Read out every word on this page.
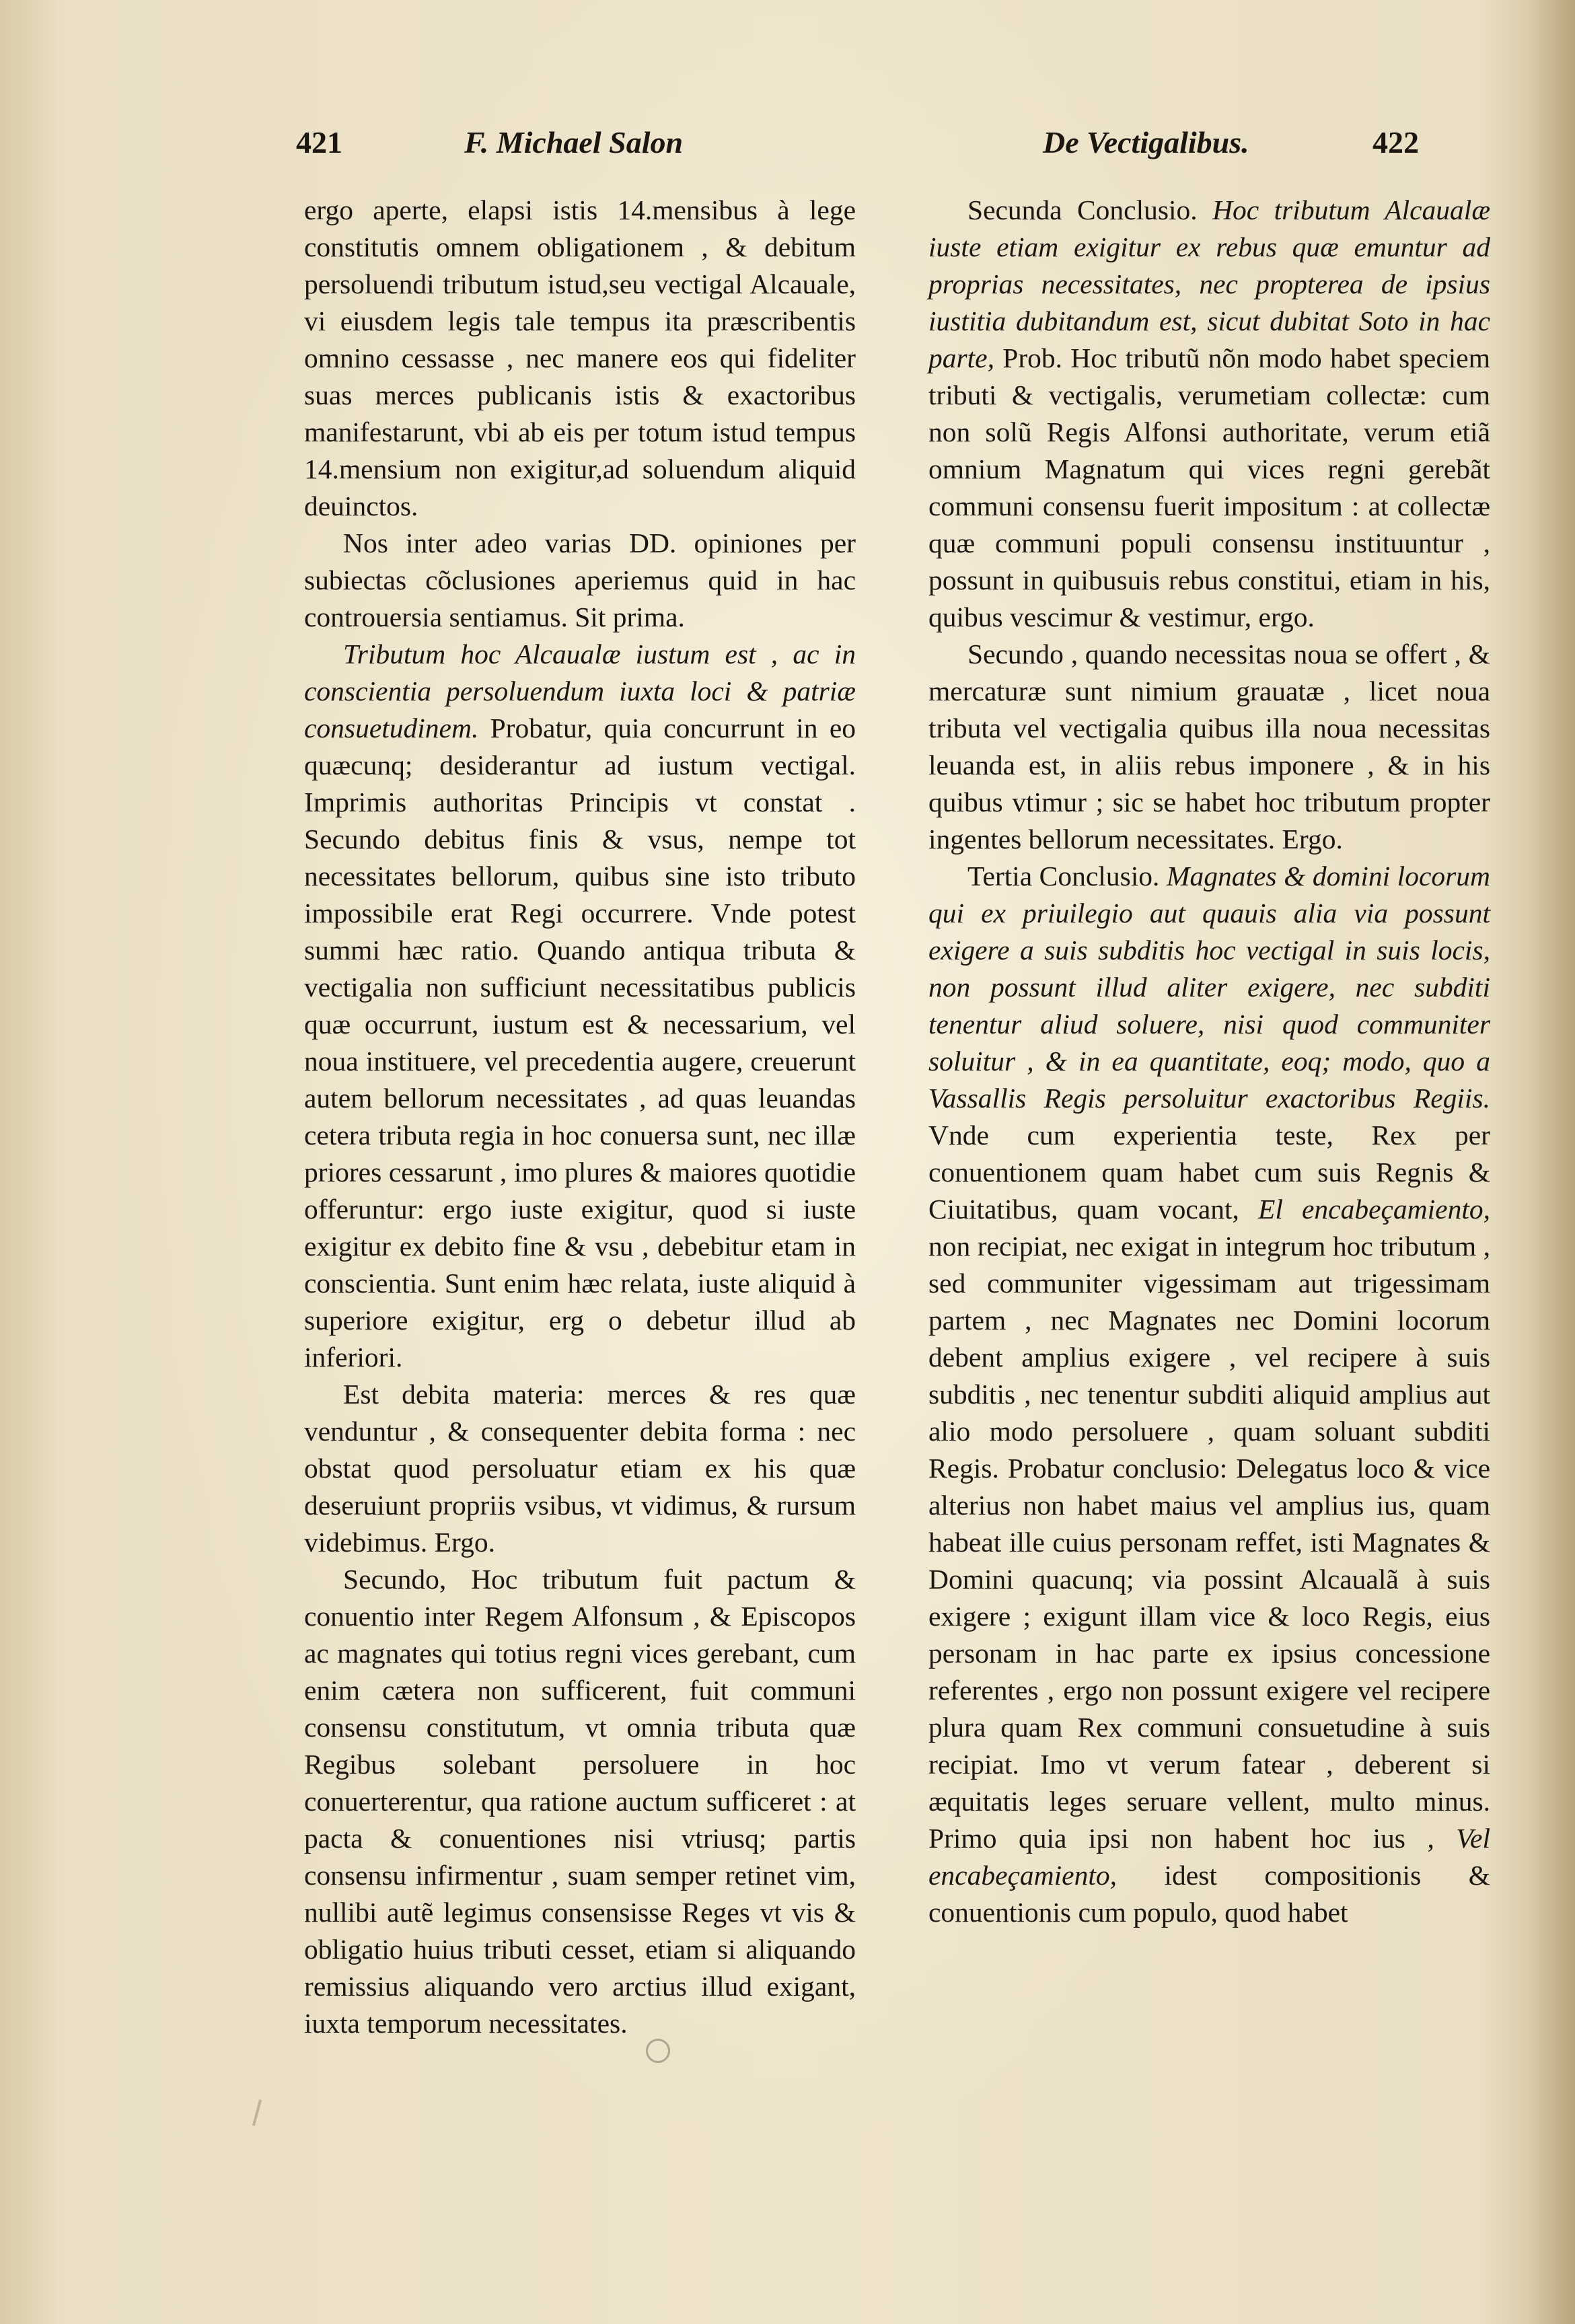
421	F. Michael Salon	De Vectigalibus.	422

ergo aperte, elapsi istis 14.mensibus à lege constitutis omnem obligationem , & debitum persoluendi tributum istud,seu vectigal Alcauale, vi eiusdem legis tale tempus ita præscribentis omnino cessasse , nec manere eos qui fideliter suas merces publicanis istis & exactoribus manifestarunt, vbi ab eis per totum istud tempus 14.mensium non exigitur,ad soluendum aliquid deuinctos.

Nos inter adeo varias DD. opiniones per subiectas cõclusiones aperiemus quid in hac controuersia sentiamus. Sit prima.

Tributum hoc Alcaualæ iustum est , ac in conscientia persoluendum iuxta loci & patriæ consuetudinem. Probatur, quia concurrunt in eo quæcunq; desiderantur ad iustum vectigal. Imprimis authoritas Principis vt constat . Secundo debitus finis & vsus, nempe tot necessitates bellorum, quibus sine isto tributo impossibile erat Regi occurrere. Vnde potest summi hæc ratio. Quando antiqua tributa & vectigalia non sufficiunt necessitatibus publicis quæ occurrunt, iustum est & necessarium, vel noua instituere, vel precedentia augere, creuerunt autem bellorum necessitates , ad quas leuandas cetera tributa regia in hoc conuersa sunt, nec illæ priores cessarunt , imo plures & maiores quotidie offeruntur: ergo iuste exigitur, quod si iuste exigitur ex debito fine & vsu , debebitur etam in conscientia. Sunt enim hæc relata, iuste aliquid à superiore exigitur, erg o debetur illud ab inferiori.

Est debita materia: merces & res quæ venduntur , & consequenter debita forma : nec obstat quod persoluatur etiam ex his quæ deseruiunt propriis vsibus, vt vidimus, & rursum videbimus. Ergo.

Secundo, Hoc tributum fuit pactum & conuentio inter Regem Alfonsum , & Episcopos ac magnates qui totius regni vices gerebant, cum enim cætera non sufficerent, fuit communi consensu constitutum, vt omnia tributa quæ Regibus solebant persoluere in hoc conuerterentur, qua ratione auctum sufficeret : at pacta & conuentiones nisi vtriusq; partis consensu infirmentur , suam semper retinet vim, nullibi autẽ legimus consensisse Reges vt vis & obligatio huius tributi cesset, etiam si aliquando remissius aliquando vero arctius illud exigant, iuxta temporum necessitates.

Secunda Conclusio. Hoc tributum Alcaualæ iuste etiam exigitur ex rebus quæ emuntur ad proprias necessitates, nec propterea de ipsius iustitia dubitandum est, sicut dubitat Soto in hac parte, Prob. Hoc tributũ nõn modo habet speciem tributi & vectigalis, verumetiam collectæ: cum non solũ Regis Alfonsi authoritate, verum etiã omnium Magnatum qui vices regni gerebãt communi consensu fuerit impositum : at collectæ quæ communi populi consensu instituuntur , possunt in quibusuis rebus constitui, etiam in his, quibus vescimur & vestimur, ergo.

Secundo , quando necessitas noua se offert , & mercaturæ sunt nimium grauatæ , licet noua tributa vel vectigalia quibus illa noua necessitas leuanda est, in aliis rebus imponere , & in his quibus vtimur ; sic se habet hoc tributum propter ingentes bellorum necessitates. Ergo.

Tertia Conclusio. Magnates & domini locorum qui ex priuilegio aut quauis alia via possunt exigere a suis subditis hoc vectigal in suis locis, non possunt illud aliter exigere, nec subditi tenentur aliud soluere, nisi quod communiter soluitur , & in ea quantitate, eoq; modo, quo a Vassallis Regis persoluitur exactoribus Regiis. Vnde cum experientia teste, Rex per conuentionem quam habet cum suis Regnis & Ciuitatibus, quam vocant, El encabeçamiento, non recipiat, nec exigat in integrum hoc tributum , sed communiter vigessimam aut trigessimam partem , nec Magnates nec Domini locorum debent amplius exigere , vel recipere à suis subditis , nec tenentur subditi aliquid amplius aut alio modo persoluere , quam soluant subditi Regis. Probatur conclusio: Delegatus loco & vice alterius non habet maius vel amplius ius, quam habeat ille cuius personam reffet, isti Magnates & Domini quacunq; via possint Alcaualã à suis exigere ; exigunt illam vice & loco Regis, eius personam in hac parte ex ipsius concessione referentes , ergo non possunt exigere vel recipere plura quam Rex communi consuetudine à suis recipiat. Imo vt verum fatear , deberent si æquitatis leges seruare vellent, multo minus. Primo quia ipsi non habent hoc ius , Vel encabeçamiento, idest compositionis & conuentionis cum populo, quod habet
